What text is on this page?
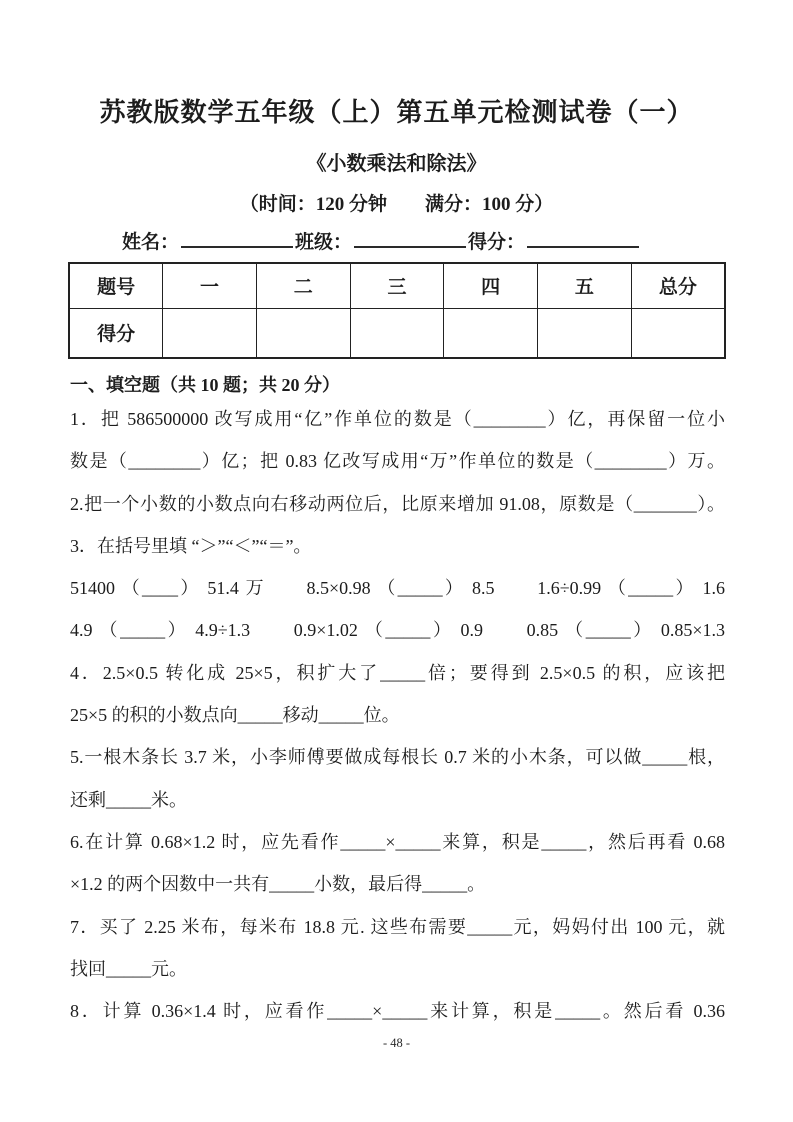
苏教版数学五年级（上）第五单元检测试卷（一）
《小数乘法和除法》
（时间：120 分钟　　满分：100 分）
姓名：	班级：	得分：
题号	一	二	三	四	五	总分
得分						
一、填空题（共 10 题；共 20 分）
1．把 586500000 改写成用“亿”作单位的数是（________）亿，再保留一位小
数是（________）亿；把 0.83 亿改写成用“万”作单位的数是（________）万。
2.把一个小数的小数点向右移动两位后，比原来增加 91.08，原数是（_______）。
3．在括号里填 “＞”“＜”“＝”。
51400 （____） 51.4 万　　8.5×0.98 （_____） 8.5　　1.6÷0.99 （_____） 1.6
4.9 （_____） 4.9÷1.3　　0.9×1.02 （_____） 0.9　　0.85 （_____） 0.85×1.3
4．2.5×0.5 转化成 25×5，积扩大了_____倍；要得到 2.5×0.5 的积，应该把
25×5 的积的小数点向_____移动_____位。
5.一根木条长 3.7 米，小李师傅要做成每根长 0.7 米的小木条，可以做_____根，
还剩_____米。
6.在计算 0.68×1.2 时，应先看作_____×_____来算，积是_____，然后再看 0.68
×1.2 的两个因数中一共有_____小数，最后得_____。
7．买了 2.25 米布，每米布 18.8 元. 这些布需要_____元，妈妈付出 100 元，就
找回_____元。
8．计算 0.36×1.4 时，应看作_____×_____来计算，积是_____。然后看 0.36
- 48 -
